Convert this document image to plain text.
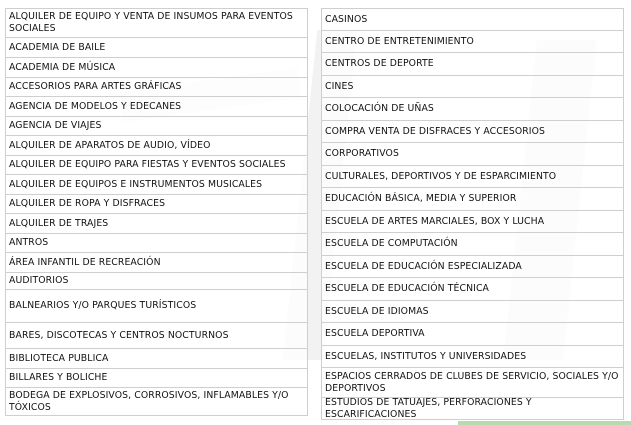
ALQUILER DE EQUIPO Y VENTA DE INSUMOS PARA EVENTOS SOCIALES
ACADEMIA DE BAILE
ACADEMIA DE MÚSICA
ACCESORIOS PARA ARTES GRÁFICAS
AGENCIA DE MODELOS Y EDECANES
AGENCIA DE VIAJES
ALQUILER DE APARATOS DE AUDIO, VÍDEO
ALQUILER DE EQUIPO PARA FIESTAS Y EVENTOS SOCIALES
ALQUILER DE EQUIPOS E INSTRUMENTOS MUSICALES
ALQUILER DE ROPA Y DISFRACES
ALQUILER DE TRAJES
ANTROS
ÁREA INFANTIL DE RECREACIÓN
AUDITORIOS
BALNEARIOS Y/O PARQUES TURÍSTICOS
BARES, DISCOTECAS Y CENTROS NOCTURNOS
BIBLIOTECA PUBLICA
BILLARES Y BOLICHE
BODEGA DE EXPLOSIVOS, CORROSIVOS, INFLAMABLES Y/O TÓXICOS
CASINOS
CENTRO DE ENTRETENIMIENTO
CENTROS DE DEPORTE
CINES
COLOCACIÓN DE UÑAS
COMPRA VENTA DE DISFRACES Y ACCESORIOS
CORPORATIVOS
CULTURALES, DEPORTIVOS Y DE ESPARCIMIENTO
EDUCACIÓN BÁSICA, MEDIA Y SUPERIOR
ESCUELA DE ARTES MARCIALES, BOX Y LUCHA
ESCUELA DE COMPUTACIÓN
ESCUELA DE EDUCACIÓN ESPECIALIZADA
ESCUELA DE EDUCACIÓN TÉCNICA
ESCUELA DE IDIOMAS
ESCUELA DEPORTIVA
ESCUELAS, INSTITUTOS Y UNIVERSIDADES
ESPACIOS CERRADOS DE CLUBES DE SERVICIO, SOCIALES Y/O DEPORTIVOS
ESTUDIOS DE TATUAJES, PERFORACIONES Y ESCARIFICACIONES
